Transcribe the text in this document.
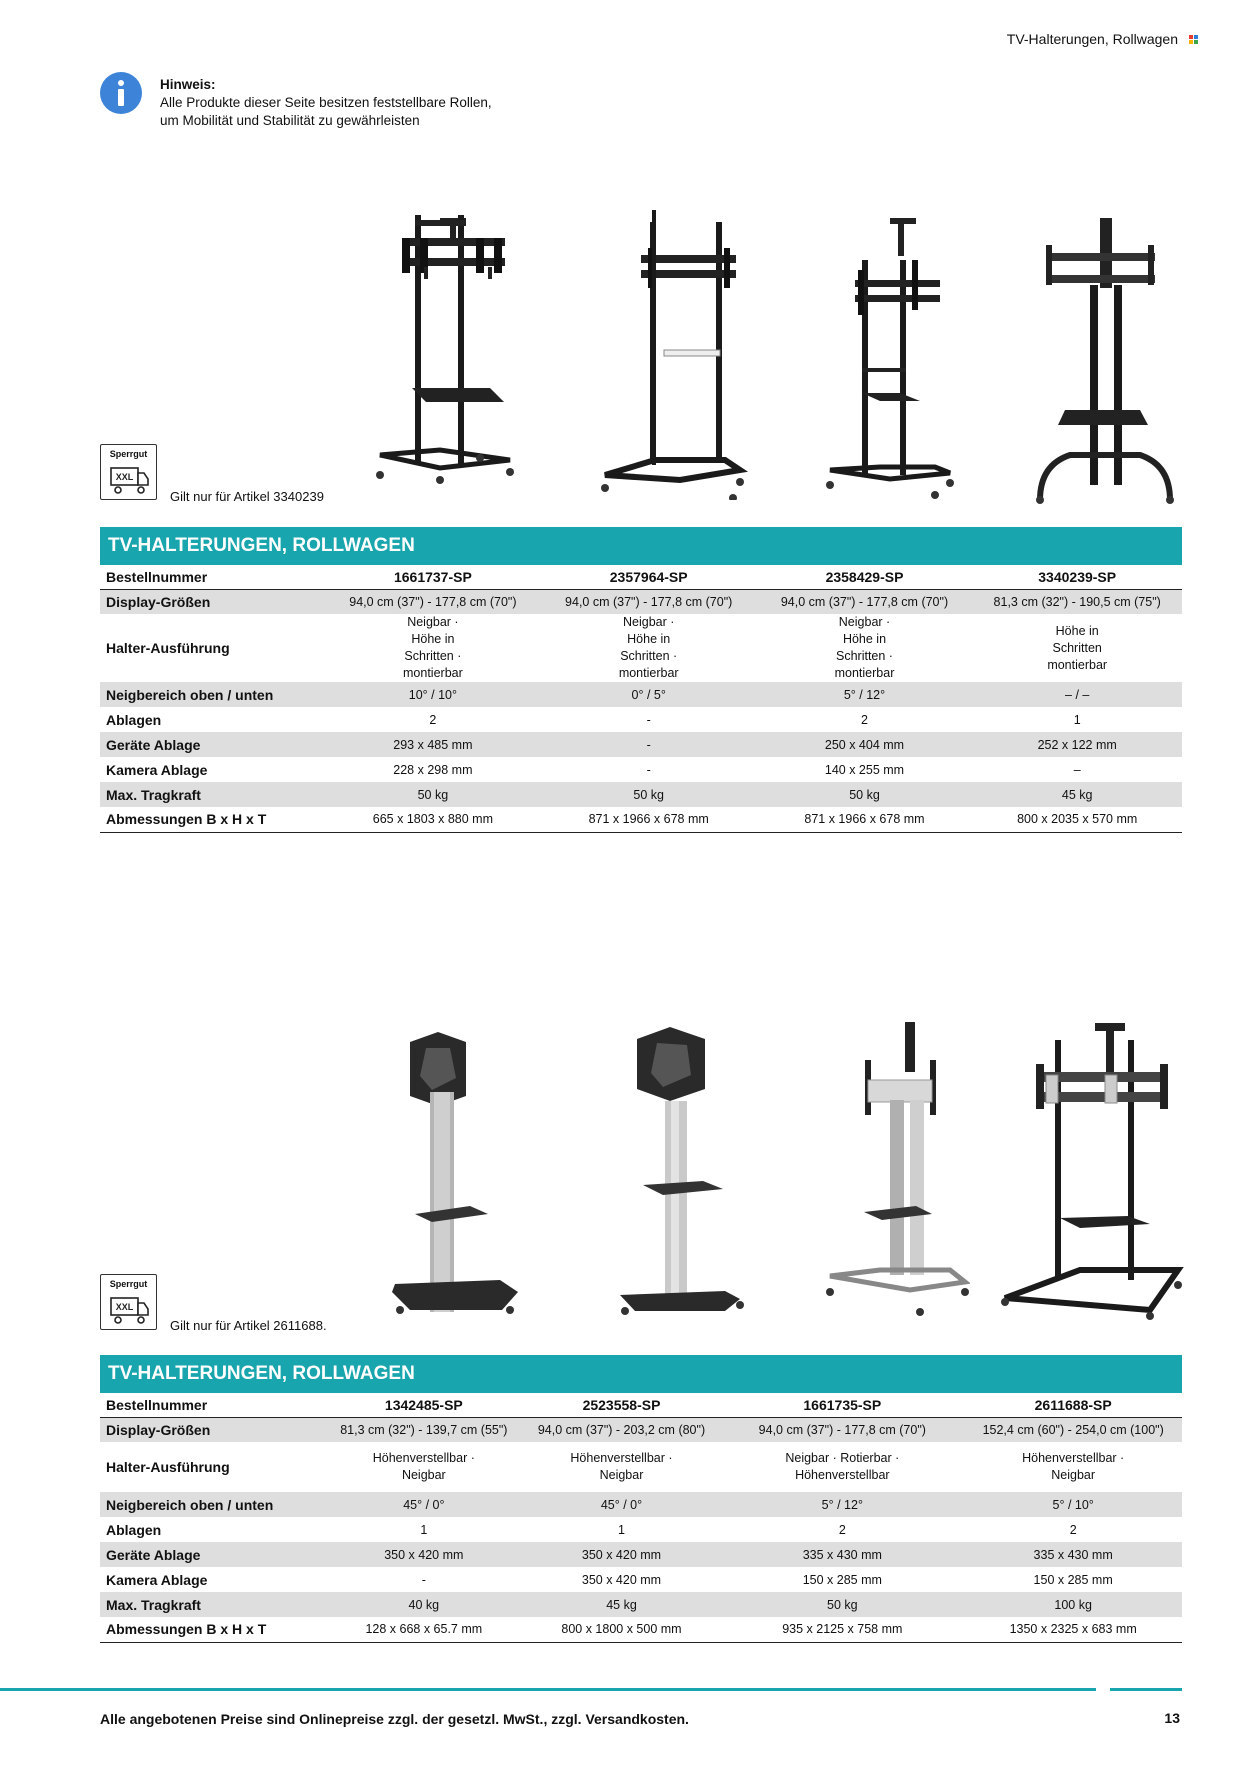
TV-Halterungen, Rollwagen
Hinweis:
Alle Produkte dieser Seite besitzen feststellbare Rollen,
um Mobilität und Stabilität zu gewährleisten
Sperrgut
XXL
Gilt nur für Artikel 3340239
TV-HALTERUNGEN, ROLLWAGEN
Bestellnummer	1661737-SP	2357964-SP	2358429-SP	3340239-SP
Display-Größen	94,0 cm (37") - 177,8 cm (70")	94,0 cm (37") - 177,8 cm (70")	94,0 cm (37") - 177,8 cm (70")	81,3 cm (32") - 190,5 cm (75")
Halter-Ausführung	Neigbar · Höhe in Schritten · montierbar	Neigbar · Höhe in Schritten · montierbar	Neigbar · Höhe in Schritten · montierbar	Höhe in Schritten montierbar
Neigbereich oben / unten	10° / 10°	0° / 5°	5° / 12°	– / –
Ablagen	2	-	2	1
Geräte Ablage	293 x 485 mm	-	250 x 404 mm	252 x 122 mm
Kamera Ablage	228 x 298 mm	-	140 x 255 mm	–
Max. Tragkraft	50 kg	50 kg	50 kg	45 kg
Abmessungen B x H x T	665 x 1803 x 880 mm	871 x 1966 x 678 mm	871 x 1966 x 678 mm	800 x 2035 x 570 mm
Sperrgut
XXL
Gilt nur für Artikel 2611688.
TV-HALTERUNGEN, ROLLWAGEN
Bestellnummer	1342485-SP	2523558-SP	1661735-SP	2611688-SP
Display-Größen	81,3 cm (32") - 139,7 cm (55")	94,0 cm (37") - 203,2 cm (80")	94,0 cm (37") - 177,8 cm (70")	152,4 cm (60") - 254,0 cm (100")
Halter-Ausführung	Höhenverstellbar · Neigbar	Höhenverstellbar · Neigbar	Neigbar · Rotierbar · Höhenverstellbar	Höhenverstellbar · Neigbar
Neigbereich oben / unten	45° / 0°	45° / 0°	5° / 12°	5° / 10°
Ablagen	1	1	2	2
Geräte Ablage	350 x 420 mm	350 x 420 mm	335 x 430 mm	335 x 430 mm
Kamera Ablage	-	350 x 420 mm	150 x 285 mm	150 x 285 mm
Max. Tragkraft	40 kg	45 kg	50 kg	100 kg
Abmessungen B x H x T	128 x 668 x 65.7 mm	800 x 1800 x 500 mm	935 x 2125 x 758 mm	1350 x 2325 x 683 mm
Alle angebotenen Preise sind Onlinepreise zzgl. der gesetzl. MwSt., zzgl. Versandkosten.	13
